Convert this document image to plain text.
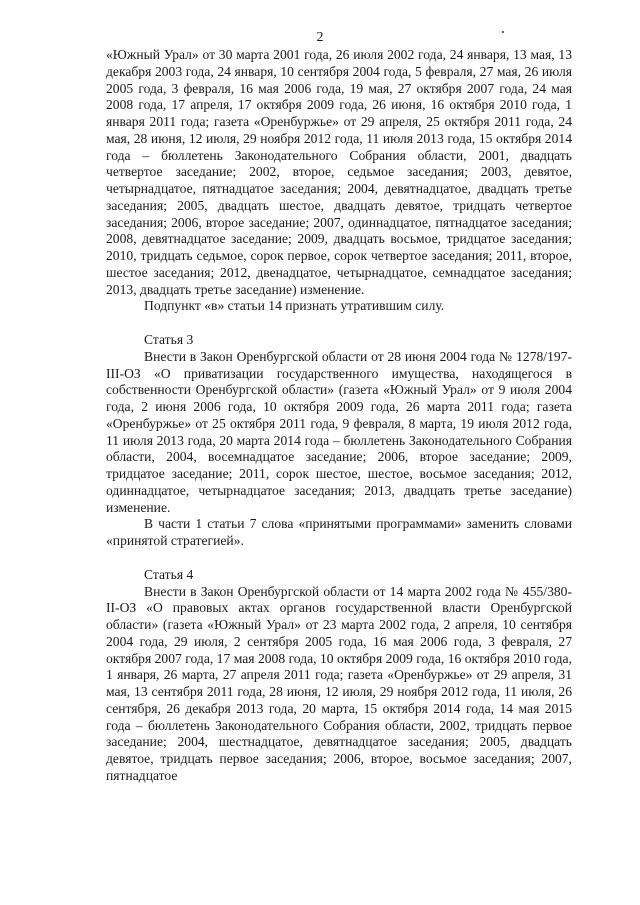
2

«Южный Урал» от 30 марта 2001 года, 26 июля 2002 года, 24 января, 13 мая, 13 декабря 2003 года, 24 января, 10 сентября 2004 года, 5 февраля, 27 мая, 26 июля 2005 года, 3 февраля, 16 мая 2006 года, 19 мая, 27 октября 2007 года, 24 мая 2008 года, 17 апреля, 17 октября 2009 года, 26 июня, 16 октября 2010 года, 1 января 2011 года; газета «Оренбуржье» от 29 апреля, 25 октября 2011 года, 24 мая, 28 июня, 12 июля, 29 ноября 2012 года, 11 июля 2013 года, 15 октября 2014 года – бюллетень Законодательного Собрания области, 2001, двадцать четвертое заседание; 2002, второе, седьмое заседания; 2003, девятое, четырнадцатое, пятнадцатое заседания; 2004, девятнадцатое, двадцать третье заседания; 2005, двадцать шестое, двадцать девятое, тридцать четвертое заседания; 2006, второе заседание; 2007, одиннадцатое, пятнадцатое заседания; 2008, девятнадцатое заседание; 2009, двадцать восьмое, тридцатое заседания; 2010, тридцать седьмое, сорок первое, сорок четвертое заседания; 2011, второе, шестое заседания; 2012, двенадцатое, четырнадцатое, семнадцатое заседания; 2013, двадцать третье заседание) изменение.

Подпункт «в» статьи 14 признать утратившим силу.

Статья 3

Внести в Закон Оренбургской области от 28 июня 2004 года № 1278/197-III-ОЗ «О приватизации государственного имущества, находящегося в собственности Оренбургской области» (газета «Южный Урал» от 9 июля 2004 года, 2 июня 2006 года, 10 октября 2009 года, 26 марта 2011 года; газета «Оренбуржье» от 25 октября 2011 года, 9 февраля, 8 марта, 19 июля 2012 года, 11 июля 2013 года, 20 марта 2014 года – бюллетень Законодательного Собрания области, 2004, восемнадцатое заседание; 2006, второе заседание; 2009, тридцатое заседание; 2011, сорок шестое, шестое, восьмое заседания; 2012, одиннадцатое, четырнадцатое заседания; 2013, двадцать третье заседание) изменение.

В части 1 статьи 7 слова «принятыми программами» заменить словами «принятой стратегией».

Статья 4

Внести в Закон Оренбургской области от 14 марта 2002 года № 455/380-II-ОЗ «О правовых актах органов государственной власти Оренбургской области» (газета «Южный Урал» от 23 марта 2002 года, 2 апреля, 10 сентября 2004 года, 29 июля, 2 сентября 2005 года, 16 мая 2006 года, 3 февраля, 27 октября 2007 года, 17 мая 2008 года, 10 октября 2009 года, 16 октября 2010 года, 1 января, 26 марта, 27 апреля 2011 года; газета «Оренбуржье» от 29 апреля, 31 мая, 13 сентября 2011 года, 28 июня, 12 июля, 29 ноября 2012 года, 11 июля, 26 сентября, 26 декабря 2013 года, 20 марта, 15 октября 2014 года, 14 мая 2015 года – бюллетень Законодательного Собрания области, 2002, тридцать первое заседание; 2004, шестнадцатое, девятнадцатое заседания; 2005, двадцать девятое, тридцать первое заседания; 2006, второе, восьмое заседания; 2007, пятнадцатое
